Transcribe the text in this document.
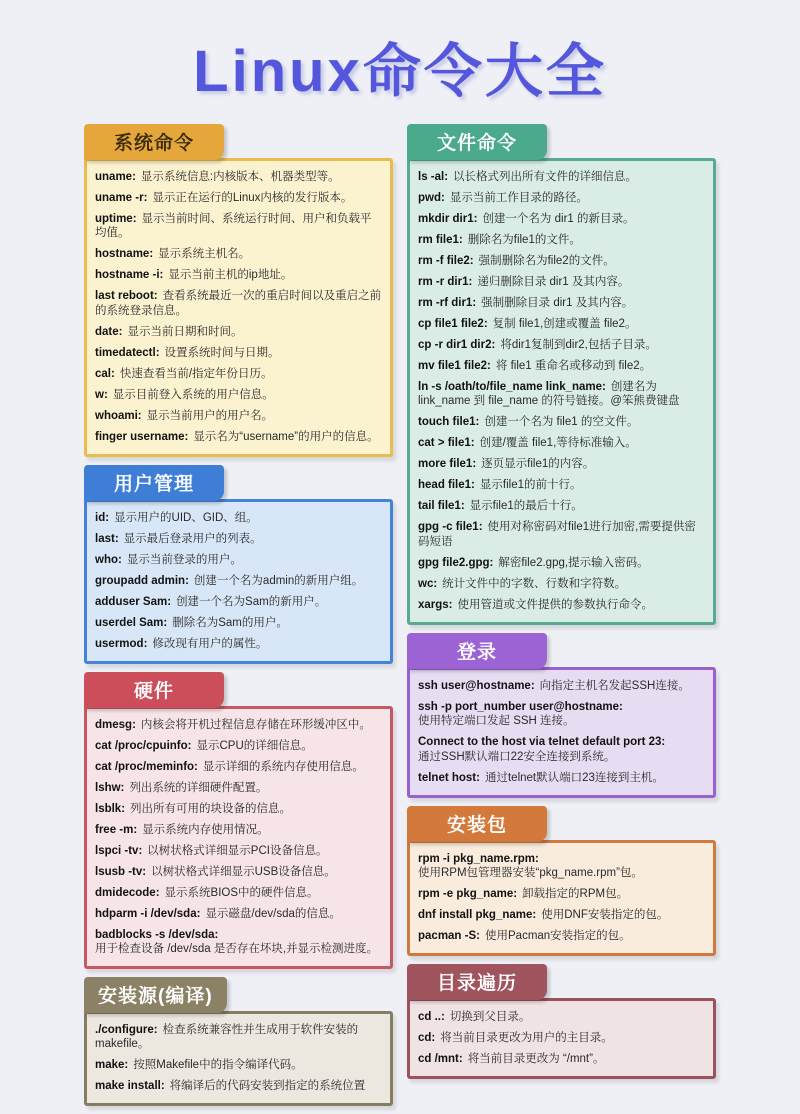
Linux命令大全
系统命令

uname: 显示系统信息:内核版本、机器类型等。

uname -r: 显示正在运行的Linux内核的发行版本。

uptime: 显示当前时间、系统运行时间、用户和负载平均值。

hostname: 显示系统主机名。

hostname -i: 显示当前主机的ip地址。

last reboot: 查看系统最近一次的重启时间以及重启之前的系统登录信息。

date: 显示当前日期和时间。

timedatectl: 设置系统时间与日期。

cal: 快速查看当前/指定年份日历。

w: 显示目前登入系统的用户信息。

whoami: 显示当前用户的用户名。

finger username: 显示名为“username”的用户的信息。

用户管理

id: 显示用户的UID、GID、组。

last: 显示最后登录用户的列表。

who: 显示当前登录的用户。

groupadd admin: 创建一个名为admin的新用户组。

adduser Sam: 创建一个名为Sam的新用户。

userdel Sam: 删除名为Sam的用户。

usermod: 修改现有用户的属性。

硬件

dmesg: 内核会将开机过程信息存储在环形缓冲区中。

cat /proc/cpuinfo: 显示CPU的详细信息。

cat /proc/meminfo: 显示详细的系统内存使用信息。

lshw: 列出系统的详细硬件配置。

lsblk: 列出所有可用的块设备的信息。

free -m: 显示系统内存使用情况。

lspci -tv: 以树状格式详细显示PCI设备信息。

lsusb -tv: 以树状格式详细显示USB设备信息。

dmidecode: 显示系统BIOS中的硬件信息。

hdparm -i /dev/sda: 显示磁盘/dev/sda的信息。

badblocks -s /dev/sda:
用于检查设备 /dev/sda 是否存在坏块,并显示检测进度。

安装源(编译)

./configure: 检查系统兼容性并生成用于软件安装的makefile。

make: 按照Makefile中的指令编译代码。

make install: 将编译后的代码安装到指定的系统位置

文件命令

ls -al: 以长格式列出所有文件的详细信息。

pwd: 显示当前工作目录的路径。

mkdir dir1: 创建一个名为 dir1 的新目录。

rm file1: 删除名为file1的文件。

rm -f file2: 强制删除名为file2的文件。

rm -r dir1: 递归删除目录 dir1 及其内容。

rm -rf dir1: 强制删除目录 dir1 及其内容。

cp file1 file2: 复制 file1,创建或覆盖 file2。

cp -r dir1 dir2: 将dir1复制到dir2,包括子目录。

mv file1 file2: 将 file1 重命名或移动到 file2。

ln -s /oath/to/file_name link_name: 创建名为 link_name 到 file_name 的符号链接。@笨熊费键盘

touch file1: 创建一个名为 file1 的空文件。

cat > file1: 创建/覆盖 file1,等待标准输入。

more file1: 逐页显示file1的内容。

head file1: 显示file1的前十行。

tail file1: 显示file1的最后十行。

gpg -c file1: 使用对称密码对file1进行加密,需要提供密码短语

gpg file2.gpg: 解密file2.gpg,提示输入密码。

wc: 统计文件中的字数、行数和字符数。

xargs: 使用管道或文件提供的参数执行命令。

登录

ssh user@hostname: 向指定主机名发起SSH连接。

ssh -p port_number user@hostname:
使用特定端口发起 SSH 连接。

Connect to the host via telnet default port 23:
通过SSH默认端口22安全连接到系统。

telnet host: 通过telnet默认端口23连接到主机。

安装包

rpm -i pkg_name.rpm:
使用RPM包管理器安装“pkg_name.rpm”包。

rpm -e pkg_name: 卸载指定的RPM包。

dnf install pkg_name: 使用DNF安装指定的包。

pacman -S: 使用Pacman安装指定的包。

目录遍历

cd ..: 切换到父目录。

cd: 将当前目录更改为用户的主目录。

cd /mnt: 将当前目录更改为 “/mnt”。
